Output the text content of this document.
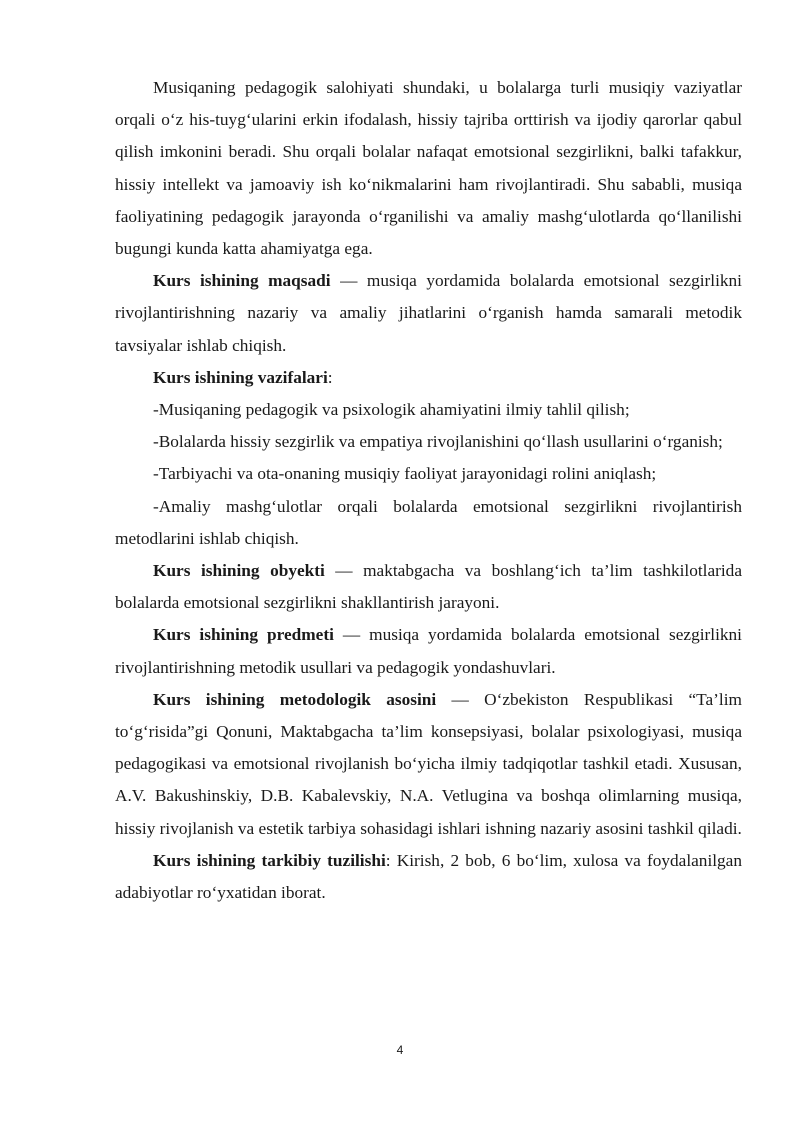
Musiqaning pedagogik salohiyati shundaki, u bolalarga turli musiqiy vaziyatlar orqali o‘z his-tuyg‘ularini erkin ifodalash, hissiy tajriba orttirish va ijodiy qarorlar qabul qilish imkonini beradi. Shu orqali bolalar nafaqat emotsional sezgirlikni, balki tafakkur, hissiy intellekt va jamoaviy ish ko‘nikmalarini ham rivojlantiradi. Shu sababli, musiqa faoliyatining pedagogik jarayonda o‘rganilishi va amaliy mashg‘ulotlarda qo‘llanilishi bugungi kunda katta ahamiyatga ega.

Kurs ishining maqsadi — musiqa yordamida bolalarda emotsional sezgirlikni rivojlantirishning nazariy va amaliy jihatlarini o‘rganish hamda samarali metodik tavsiyalar ishlab chiqish.

Kurs ishining vazifalari:

-Musiqaning pedagogik va psixologik ahamiyatini ilmiy tahlil qilish;

-Bolalarda hissiy sezgirlik va empatiya rivojlanishini qo‘llash usullarini o‘rganish;

-Tarbiyachi va ota-onaning musiqiy faoliyat jarayonidagi rolini aniqlash;

-Amaliy mashg‘ulotlar orqali bolalarda emotsional sezgirlikni rivojlantirish metodlarini ishlab chiqish.

Kurs ishining obyekti — maktabgacha va boshlang‘ich ta’lim tashkilotlarida bolalarda emotsional sezgirlikni shakllantirish jarayoni.

Kurs ishining predmeti — musiqa yordamida bolalarda emotsional sezgirlikni rivojlantirishning metodik usullari va pedagogik yondashuvlari.

Kurs ishining metodologik asosini — O‘zbekiston Respublikasi “Ta’lim to‘g‘risida”gi Qonuni, Maktabgacha ta’lim konsepsiyasi, bolalar psixologiyasi, musiqa pedagogikasi va emotsional rivojlanish bo‘yicha ilmiy tadqiqotlar tashkil etadi. Xususan, A.V. Bakushinskiy, D.B. Kabalevskiy, N.A. Vetlugina va boshqa olimlarning musiqa, hissiy rivojlanish va estetik tarbiya sohasidagi ishlari ishning nazariy asosini tashkil qiladi.

Kurs ishining tarkibiy tuzilishi: Kirish, 2 bob, 6 bo‘lim, xulosa va foydalanilgan adabiyotlar ro‘yxatidan iborat.

4
